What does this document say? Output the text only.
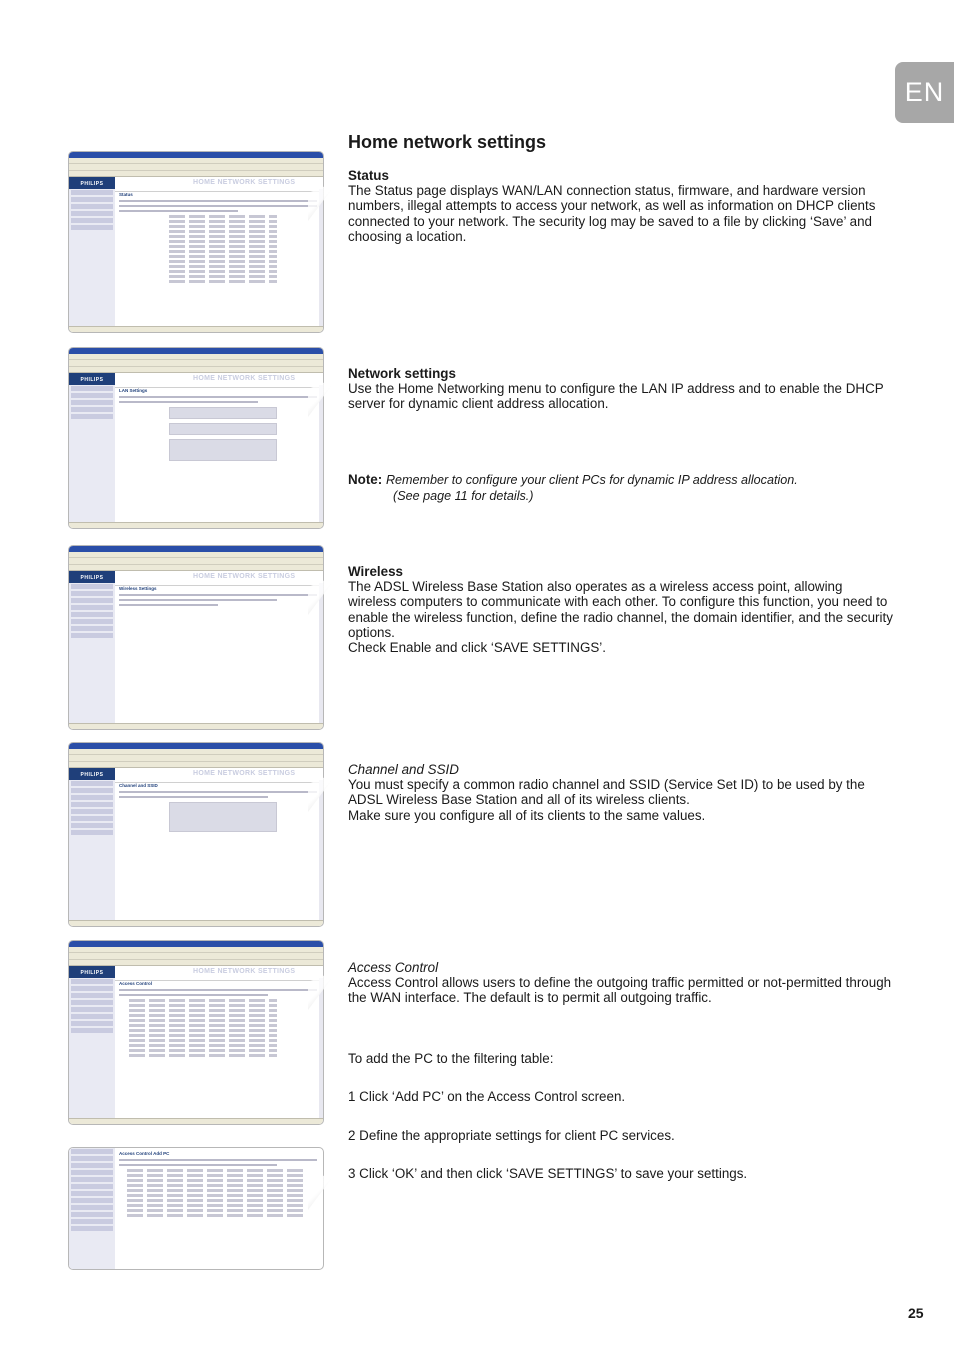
EN
Home network settings
Status

The Status page displays WAN/LAN connection status, firmware, and hardware version numbers, illegal attempts to access your network, as well as information on DHCP clients connected to your network. The security log may be saved to a file by clicking ‘Save’ and choosing a location.

Network settings

Use the Home Networking menu to configure the LAN IP address and to enable the DHCP server for dynamic client address allocation.

Note: Remember to configure your client PCs for dynamic IP address allocation.
(See page 11 for details.)
Wireless

The ADSL Wireless Base Station also operates as a wireless access point, allowing wireless computers to communicate with each other. To configure this function, you need to enable the wireless function, define the radio channel, the domain identifier, and the security options.

Check Enable and click ‘SAVE SETTINGS’.

Channel and SSID

You must specify a common radio channel and SSID (Service Set ID) to be used by the ADSL Wireless Base Station and all of its wireless clients.

Make sure you configure all of its clients to the same values.

Access Control

Access Control allows users to define the outgoing traffic permitted or not-permitted through the WAN interface. The default is to permit all outgoing traffic.

To add the PC to the filtering table:
1 Click ‘Add PC’ on the Access Control screen.
2 Define the appropriate settings for client PC services.
3 Click ‘OK’ and then click ‘SAVE SETTINGS’ to save your settings.
25
PHILIPS	HOME NETWORK SETTINGS
Status
PHILIPS	HOME NETWORK SETTINGS
LAN Settings
PHILIPS	HOME NETWORK SETTINGS
Wireless Settings
PHILIPS	HOME NETWORK SETTINGS
Channel and SSID
PHILIPS	HOME NETWORK SETTINGS
Access Control
Access Control Add PC
